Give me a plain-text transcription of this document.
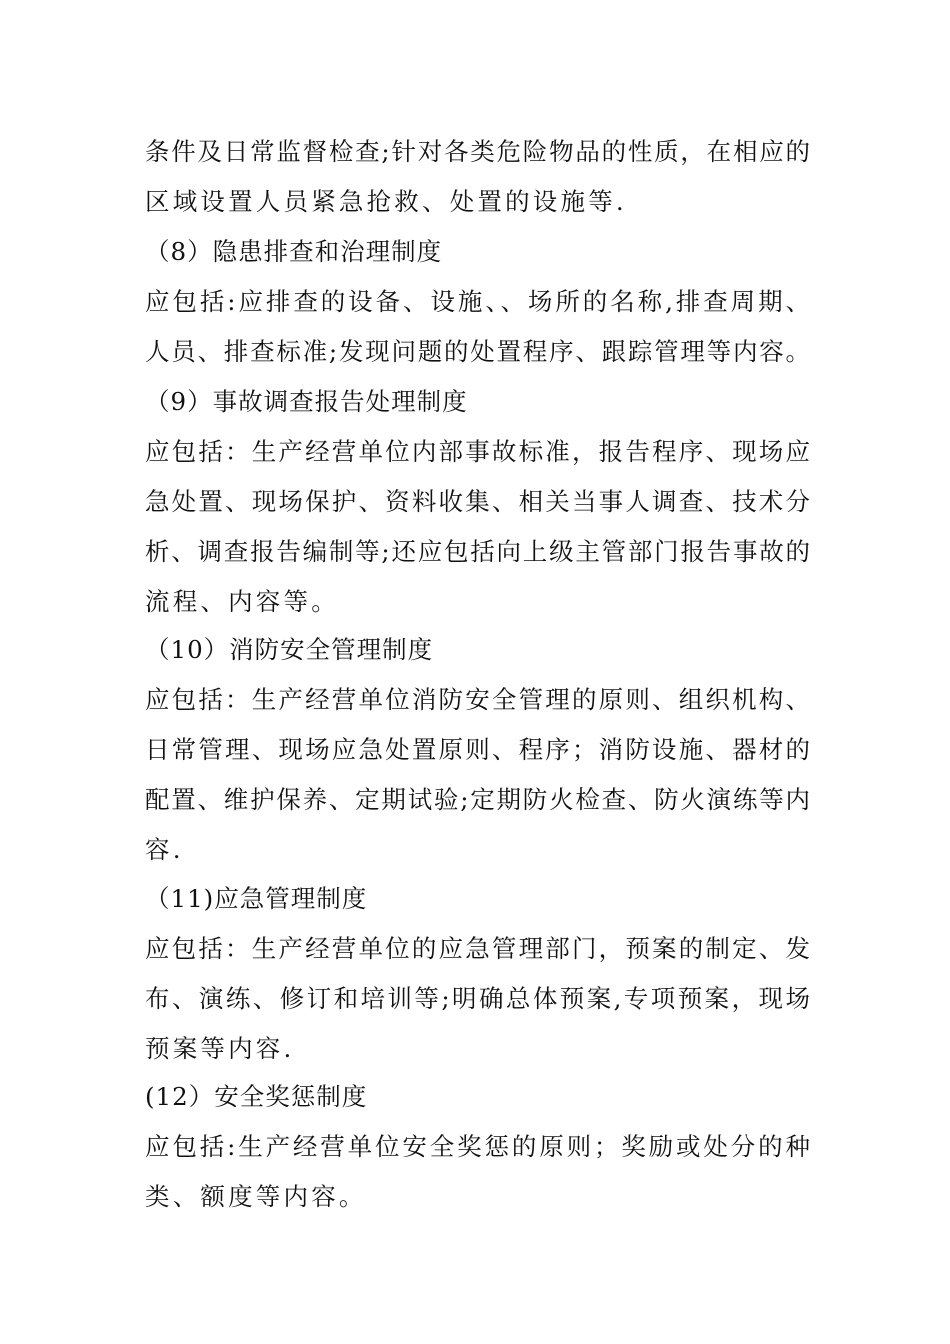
条件及日常监督检查;针对各类危险物品的性质，在相应的
区域设置人员紧急抢救、处置的设施等.
（8）隐患排查和治理制度
应包括:应排查的设备、设施、、场所的名称,排查周期、
人员、排查标准;发现问题的处置程序、跟踪管理等内容。
（9）事故调查报告处理制度
应包括：生产经营单位内部事故标准，报告程序、现场应
急处置、现场保护、资料收集、相关当事人调查、技术分
析、调查报告编制等;还应包括向上级主管部门报告事故的
流程、内容等。
（10）消防安全管理制度
应包括：生产经营单位消防安全管理的原则、组织机构、
日常管理、现场应急处置原则、程序；消防设施、器材的
配置、维护保养、定期试验;定期防火检查、防火演练等内
容.
（11)应急管理制度
应包括：生产经营单位的应急管理部门，预案的制定、发
布、演练、修订和培训等;明确总体预案,专项预案，现场
预案等内容.
(12）安全奖惩制度
应包括:生产经营单位安全奖惩的原则；奖励或处分的种
类、额度等内容。
